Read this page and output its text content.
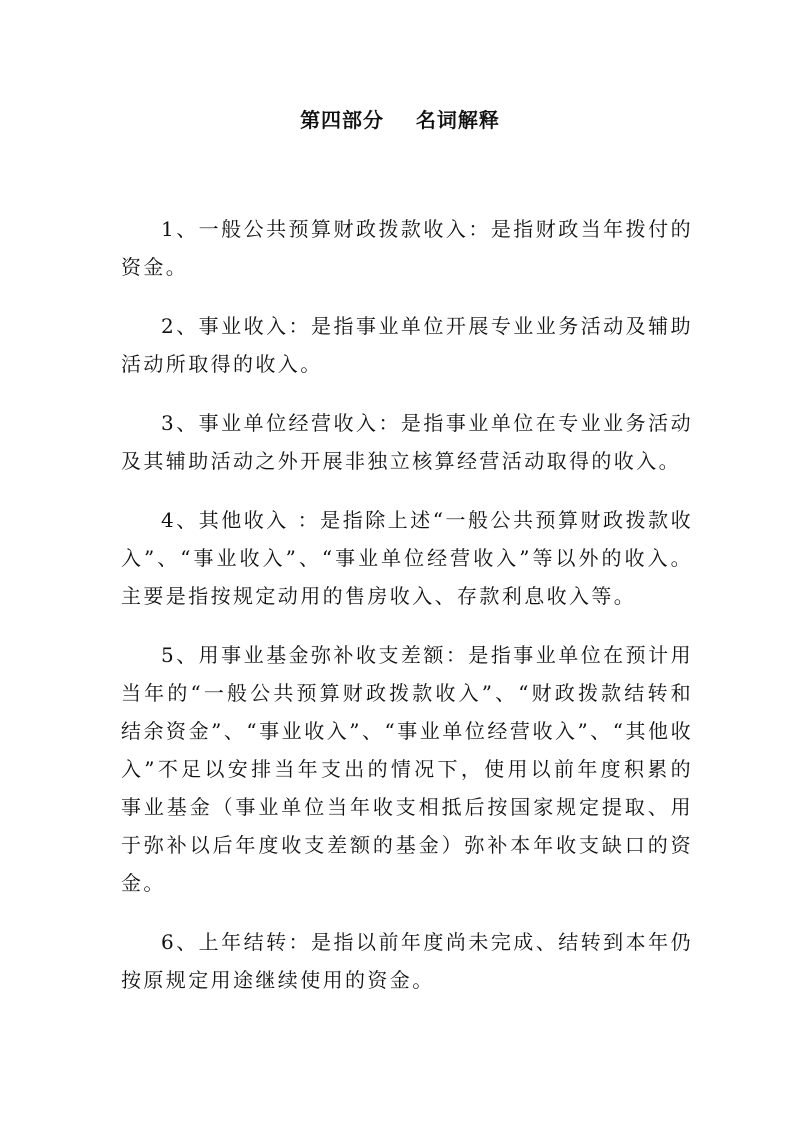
第四部分    名词解释

1、一般公共预算财政拨款收入：是指财政当年拨付的资金。

2、事业收入：是指事业单位开展专业业务活动及辅助活动所取得的收入。

3、事业单位经营收入：是指事业单位在专业业务活动及其辅助活动之外开展非独立核算经营活动取得的收入。

4、其他收入 ：是指除上述“一般公共预算财政拨款收入”、“事业收入”、“事业单位经营收入”等以外的收入。主要是指按规定动用的售房收入、存款利息收入等。

5、用事业基金弥补收支差额：是指事业单位在预计用当年的“一般公共预算财政拨款收入”、“财政拨款结转和结余资金”、“事业收入”、“事业单位经营收入”、“其他收入”不足以安排当年支出的情况下，使用以前年度积累的事业基金（事业单位当年收支相抵后按国家规定提取、用于弥补以后年度收支差额的基金）弥补本年收支缺口的资金。

6、上年结转：是指以前年度尚未完成、结转到本年仍按原规定用途继续使用的资金。
